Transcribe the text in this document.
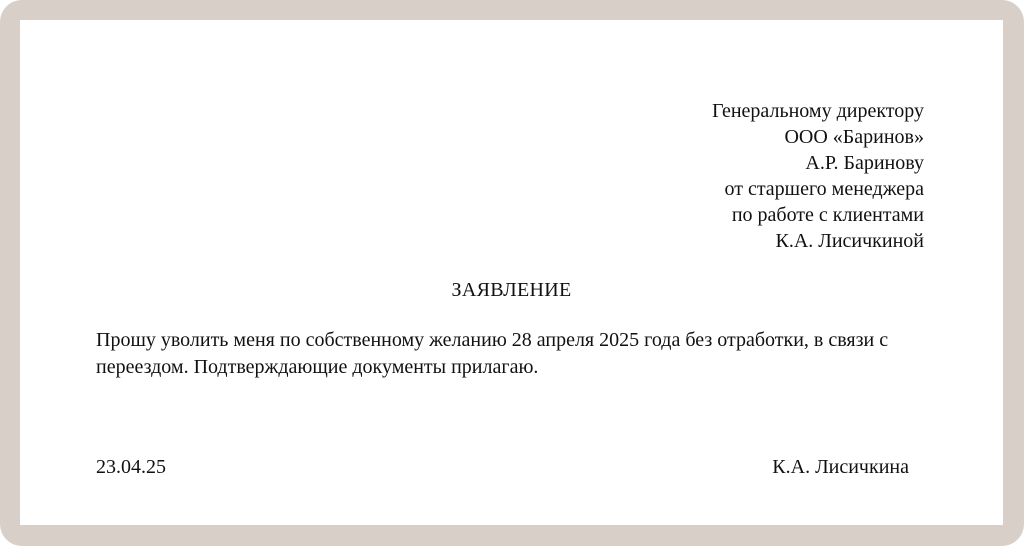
Генеральному директору
ООО «Баринов»
А.Р. Баринову
от старшего менеджера
по работе с клиентами
К.А. Лисичкиной
ЗАЯВЛЕНИЕ
Прошу уволить меня по собственному желанию 28 апреля 2025 года без отработки, в связи с переездом. Подтверждающие документы прилагаю.
23.04.25	К.А. Лисичкина
